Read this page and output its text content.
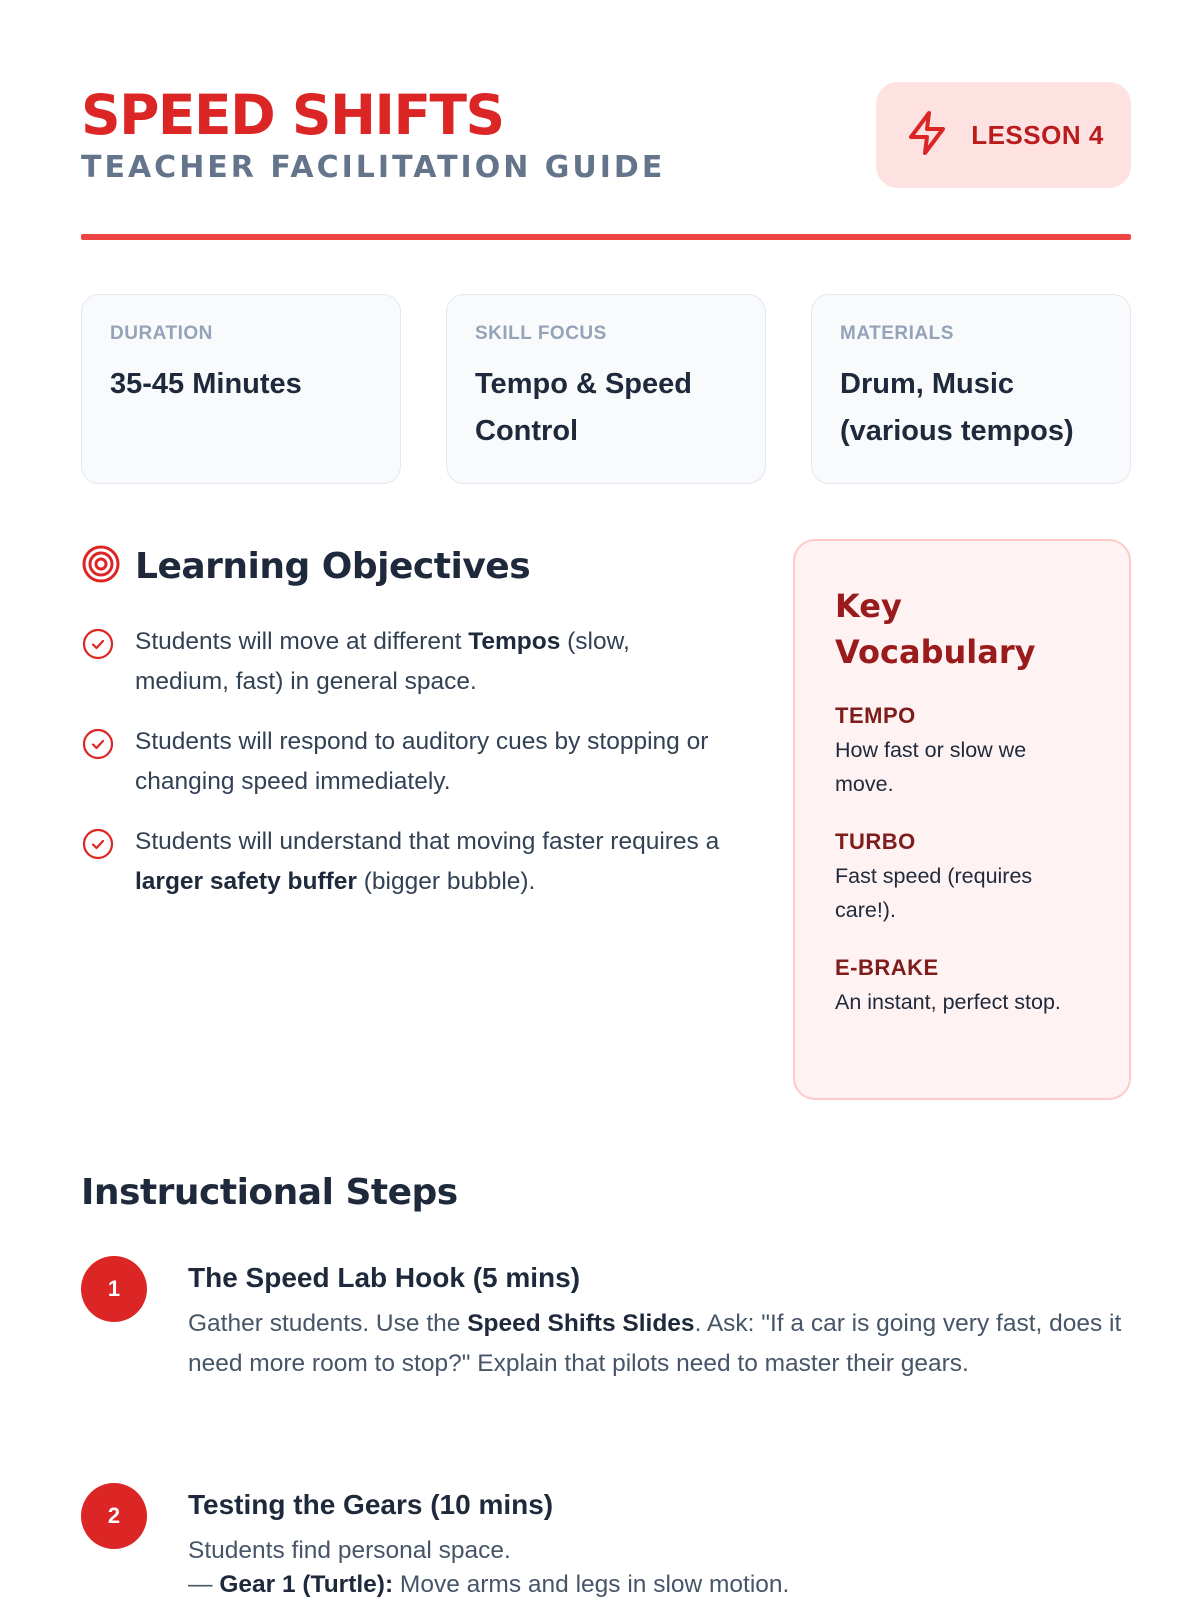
SPEED SHIFTS
TEACHER FACILITATION GUIDE
LESSON 4
DURATION
35-45 Minutes
SKILL FOCUS
Tempo & Speed Control
MATERIALS
Drum, Music (various tempos)
Learning Objectives
Students will move at different Tempos (slow, medium, fast) in general space.
Students will respond to auditory cues by stopping or changing speed immediately.
Students will understand that moving faster requires a larger safety buffer (bigger bubble).
Key Vocabulary
TEMPO
How fast or slow we move.
TURBO
Fast speed (requires care!).
E-BRAKE
An instant, perfect stop.
Instructional Steps
1	The Speed Lab Hook (5 mins)
Gather students. Use the Speed Shifts Slides. Ask: "If a car is going very fast, does it need more room to stop?" Explain that pilots need to master their gears.
2	Testing the Gears (10 mins)
Students find personal space.
— Gear 1 (Turtle): Move arms and legs in slow motion.
